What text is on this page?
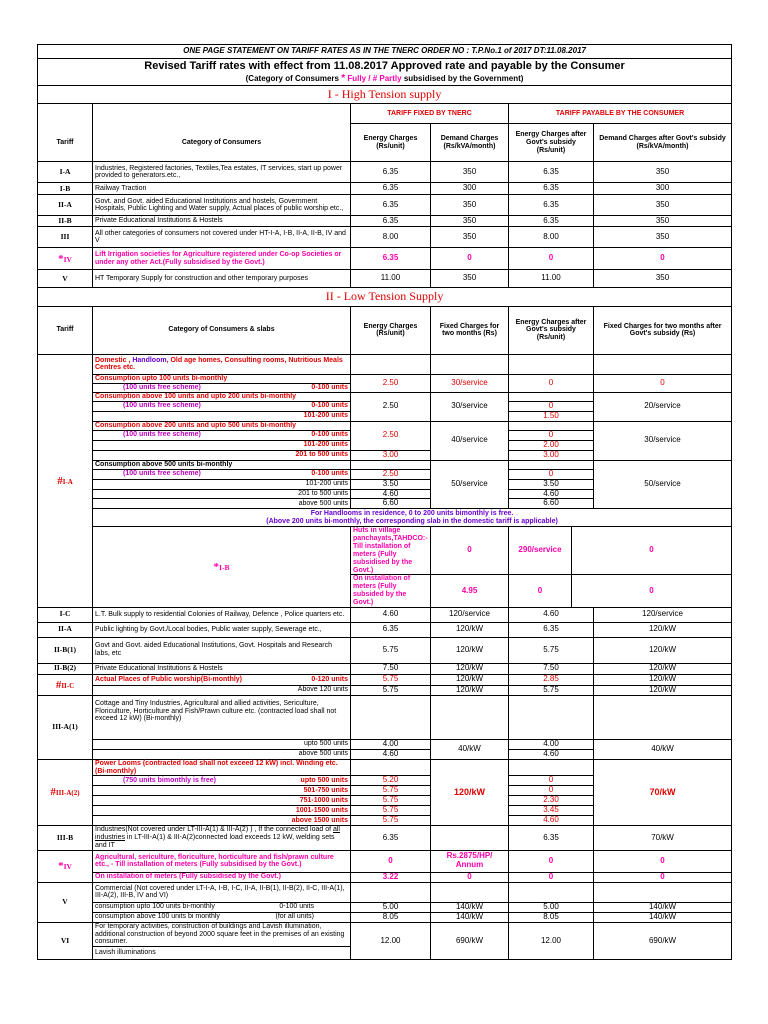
ONE PAGE STATEMENT ON TARIFF RATES AS IN THE TNERC ORDER NO : T.P.No.1 of 2017 DT:11.08.2017							
Revised Tariff rates with effect from 11.08.2017 Approved rate and payable by the Consumer							
(Category of Consumers * Fully / # Partly subsidised by the Government)							
I - High Tension supply							
		TARIFF FIXED BY TNERC		TARIFF PAYABLE BY THE CONSUMER			
Tariff	Category of Consumers	Energy Charges (Rs/unit)	Demand Charges (Rs/kVA/month)	Energy Charges after Govt's subsidy (Rs/unit)		Demand Charges after Govt's subsidy (Rs/kVA/month)	
I-A	Industries, Registered factories, Textiles,Tea estates, IT services, start up power provided to generators.etc.,	6.35	350	6.35		350	
I-B	Railway Traction	6.35	300	6.35		300	
II-A	Govt. and Govt. aided Educational Institutions and hostels, Government Hospitals, Public Lighting and Water supply, Actual places of public worship etc.,	6.35	350	6.35		350	
II-B	Private Educational Institutions & Hostels	6.35	350	6.35		350	
III	All other categories of consumers not covered under HT-I-A, I-B, II-A, II-B, IV and V	8.00	350	8.00		350	
*IV	Lift Irrigation societies for Agriculture registered under Co-op Societies or under any other Act.(Fully subsidised by the Govt.)	6.35	0	0		0	
V	HT Temporary Supply for construction and other temporary purposes	11.00	350	11.00		350	
II - Low Tension Supply							
Tariff	Category of Consumers & slabs	Energy Charges (Rs/unit)	Fixed Charges for two months (Rs)	Energy Charges after Govt's subsidy (Rs/unit)		Fixed Charges for two months after Govt's subsidy (Rs)	
#I-A	Domestic , Handloom, Old age homes, Consulting rooms, Nutritious Meals Centres etc.						
	Consumption upto 100 units bi-monthly	2.50	30/service	0		0	
	(100 units free scheme) 0-100 units						

	Consumption above 100 units and upto 200 units bi-monthly	2.50	30/service			20/service	
	(100 units free scheme) 0-100 units			0			
	101-200 units			1.50			
	Consumption above 200 units and upto 500 units bi-monthly	2.50	40/service			30/service	
	(100 units free scheme) 0-100 units			0			
	101-200 units			2.00			
	201 to 500 units	3.00		3.00			
	Consumption above 500 units bi-monthly		50/service			50/service	
	(100 units free scheme) 0-100 units	2.50		0			
	101-200 units	3.50		3.50			
	201 to 500 units	4.60		4.60			
	above 500 units	6.60		6.60			
	For Handlooms in residence, 0 to 200 units bimonthly is free.						
	(Above 200 units bi-monthly, the corresponding slab in the domestic tariff is applicable)						
	*I-B	Huts in village panchayats,TAHDCO:- Till installation of meters (Fully subsidised by the Govt.)	0	290/service	0	
		On installation of meters (Fully subsided by the Govt.)	4.95	0	0	
I-C	L.T. Bulk supply to residential Colonies of Railway, Defence , Police quarters etc.	4.60	120/service	4.60		120/service	
II-A	Public lighting by Govt./Local bodies, Public water supply, Sewerage etc.,	6.35	120/kW	6.35		120/kW	
II-B(1)	Govt and Govt. aided Educational Institutions, Govt. Hospitals and Research labs, etc	5.75	120/kW	5.75		120/kW	
II-B(2)	Private Educational Institutions & Hostels	7.50	120/kW	7.50		120/kW	
#II-C	Actual Places of Public worship(Bi-monthly) 0-120 units	5.75	120/kW	2.85		120/kW	
	Above 120 units	5.75	120/kW	5.75		120/kW	
III-A(1)	Cottage and Tiny Industries, Agricultural and allied activities, Sericulture, Floriculture, Horticulture and Fish/Prawn culture etc. (contracted load shall not exceed 12 kW) (Bi-monthly)						
	upto 500 units	4.00	40/kW	4.00		40/kW	
	above 500 units	4.60		4.60			
#III-A(2)	Power Looms (contracted load shall not exceed 12 kW) incl. Winding etc.(Bi-monthly)		120/kW			70/kW	
	(750 units bimonthly is free) upto 500 units	5.20		0			
	501-750 units	5.75		0			
	751-1000 units	5.75		2.30			
	1001-1500 units	5.75		3.45			
	above 1500 units	5.75		4.60			
III-B	Industries(Not covered under LT-III-A(1) & III-A(2) ) , If the connected load of all
industries in LT-III-A(1) & III-A(2)connected load exceeds 12 kW, welding sets and IT	6.35		6.35		70/kW	
*IV	Agricultural, sericulture, floriculture, horticulture and fish/prawn culture etc., - Till installation of meters (Fully subsidised by the Govt.)	0	Rs.2875/HP/ Annum	0		0	
	On installation of meters (Fully subsidised by the Govt.)	3.22	0	0		0	
V	Commercial (Not covered under LT-I-A, I-B, I-C, II-A, II-B(1), II-B(2), II-C, III-A(1), III-A(2), III-B, IV and VI)						
	consumption upto 100 units bi-monthly 0-100 units	5.00	140/kW	5.00		140/kW	
	consumption above 100 units bi monthly (for all units)	8.05	140/kW	8.05		140/kW	
VI	For temporary activities, construction of buildings and Lavish illumination, additional construction of beyond 2000 square feet in the premises of an existing consumer.	12.00	690/kW	12.00		690/kW	
	Lavish illuminations						
